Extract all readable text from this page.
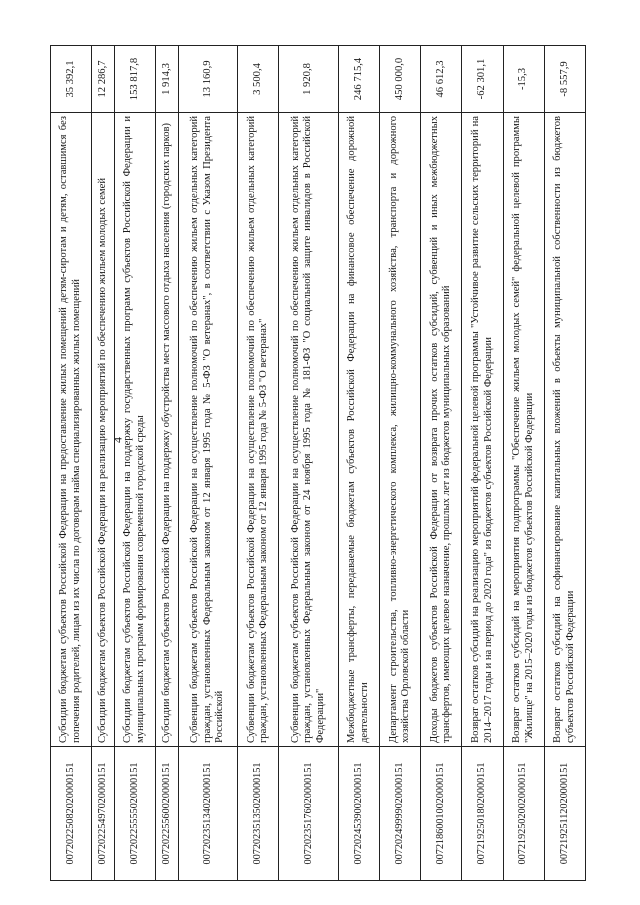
4
00720225082020000151	Субсидии бюджетам субъектов Российской Федерации на предоставление жилых помещений детям-сиротам и детям, оставшимся без попечения родителей, лицам из их числа по договорам найма специализированных жилых помещений	35 392,1
00720225497020000151	Субсидии бюджетам субъектов Российской Федерации на реализацию мероприятий по обеспечению жильем молодых семей	12 286,7
00720225555020000151	Субсидии бюджетам субъектов Российской Федерации на поддержку государственных программ субъектов Российской Федерации и муниципальных программ формирования современной городской среды	153 817,8
00720225560020000151	Субсидии бюджетам субъектов Российской Федерации на поддержку обустройства мест массового отдыха населения (городских парков)	1 914,3
00720235134020000151	Субвенции бюджетам субъектов Российской Федерации на осуществление полномочий по обеспечению жильем отдельных категорий граждан, установленных Федеральным законом от 12 января 1995 года № 5-ФЗ "О ветеранах", в соответствии с Указом Президента Российской	13 160,9
00720235135020000151	Субвенции бюджетам субъектов Российской Федерации на осуществление полномочий по обеспечению жильем отдельных категорий граждан, установленных Федеральным законом от 12 января 1995 года № 5-ФЗ "О ветеранах"	3 500,4
00720235176020000151	Субвенции бюджетам субъектов Российской Федерации на осуществление полномочий по обеспечению жильем отдельных категорий граждан, установленных Федеральным законом от 24 ноября 1995 года № 181-ФЗ "О социальной защите инвалидов в Российской Федерации"	1 920,8
00720245390020000151	Межбюджетные трансферты, передаваемые бюджетам субъектов Российской Федерации на финансовое обеспечение дорожной деятельности	246 715,4
00720249999020000151	Департамент строительства, топливно-энергетического комплекса, жилищно-коммунального хозяйства, транспорта и дорожного хозяйства Орловской области	450 000,0
00721860010020000151	Доходы бюджетов субъектов Российской Федерации от возврата прочих остатков субсидий, субвенций и иных межбюджетных трансфертов, имеющих целевое назначение, прошлых лет из бюджетов муниципальных образований	46 612,3
00721925018020000151	Возврат остатков субсидий на реализацию мероприятий федеральной целевой программы "Устойчивое развитие сельских территорий на 2014–2017 годы и на период до 2020 года" из бюджетов субъектов Российской Федерации	-62 301,1
00721925020020000151	Возврат остатков субсидий на мероприятия подпрограммы "Обеспечение жильем молодых семей" федеральной целевой программы "Жилище" на 2015–2020 годы из бюджетов субъектов Российской Федерации	-15,3
00721925112020000151	Возврат остатков субсидий на софинансирование капитальных вложений в объекты муниципальной собственности из бюджетов субъектов Российской Федерации	-8 557,9
